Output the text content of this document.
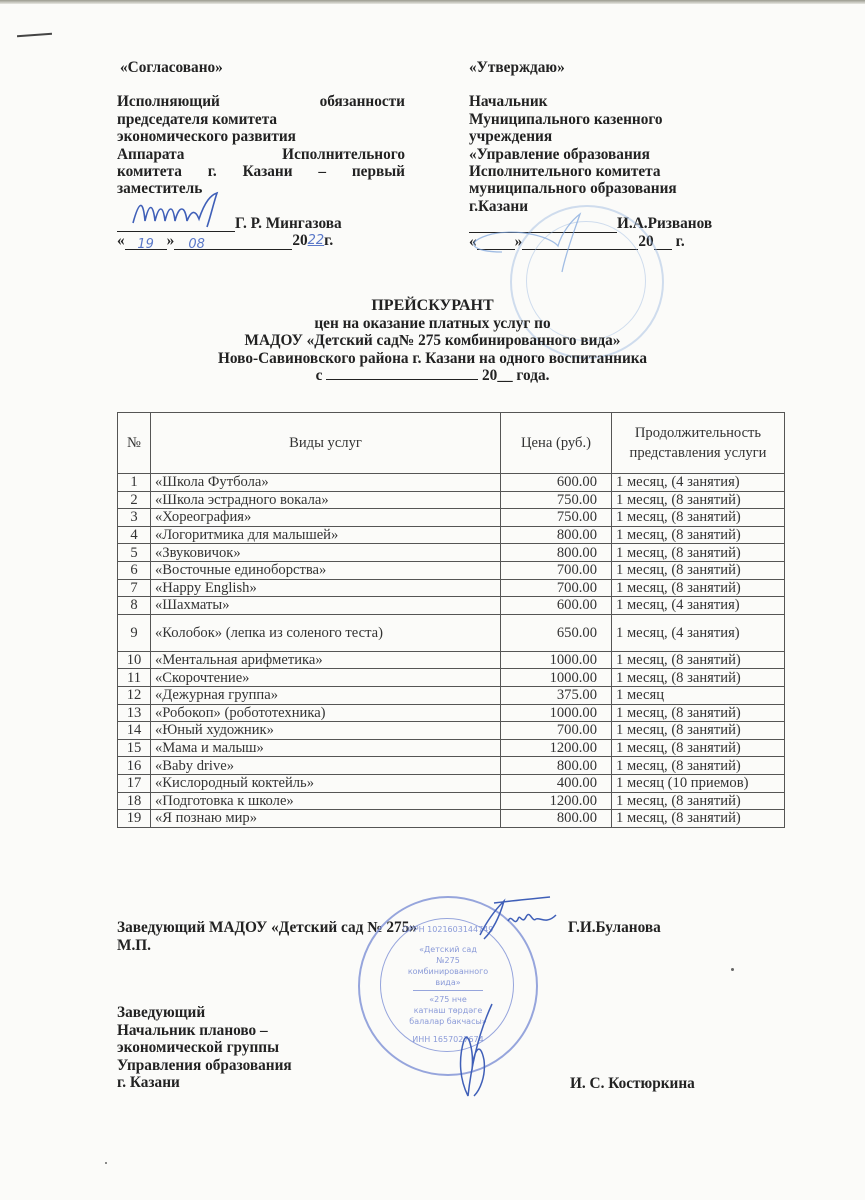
«Согласовано»
Исполняющий обязанности
председателя комитета
экономического развития
Аппарата Исполнительного
комитета г. Казани – первый
заместитель
Г. Р. Мингазова
« 19 »	08	20 22 г.
«Утверждаю»
Начальник
Муниципального казенного
учреждения
«Управление образования
Исполнительного комитета
муниципального образования
г.Казани
И.А.Ризванов
« »	20 г.
ПРЕЙСКУРАНТ
цен на оказание платных услуг по
МАДОУ «Детский сад№ 275 комбинированного вида»
Ново-Савиновского района г. Казани на одного воспитанника
с	20__ года.
№	Виды услуг	Цена (руб.)	Продолжительность представления услуги
1	«Школа Футбола»	600.00	1 месяц, (4 занятия)
2	«Школа эстрадного вокала»	750.00	1 месяц, (8 занятий)
3	«Хореография»	750.00	1 месяц, (8 занятий)
4	«Логоритмика для малышей»	800.00	1 месяц, (8 занятий)
5	«Звуковичок»	800.00	1 месяц, (8 занятий)
6	«Восточные единоборства»	700.00	1 месяц, (8 занятий)
7	«Happy English»	700.00	1 месяц, (8 занятий)
8	«Шахматы»	600.00	1 месяц, (4 занятия)
9	«Колобок» (лепка из соленого теста)	650.00	1 месяц, (4 занятия)
10	«Ментальная арифметика»	1000.00	1 месяц, (8 занятий)
11	«Скорочтение»	1000.00	1 месяц, (8 занятий)
12	«Дежурная группа»	375.00	1 месяц
13	«Робокоп» (робототехника)	1000.00	1 месяц, (8 занятий)
14	«Юный художник»	700.00	1 месяц, (8 занятий)
15	«Мама и малыш»	1200.00	1 месяц, (8 занятий)
16	«Baby drive»	800.00	1 месяц, (8 занятий)
17	«Кислородный коктейль»	400.00	1 месяц (10 приемов)
18	«Подготовка к школе»	1200.00	1 месяц, (8 занятий)
19	«Я познаю мир»	800.00	1 месяц, (8 занятий)
Заведующий МАДОУ «Детский сад № 275»
М.П.
Г.И.Буланова
Заведующий
Начальник планово –
экономической группы
Управления образования
г. Казани	И. С. Костюркина
ОГРН 1021603144749
«Детский сад
№275
комбинированного
вида»
«275 нче
катнаш төрдәге
балалар бакчасы»
ИНН 1657027674
